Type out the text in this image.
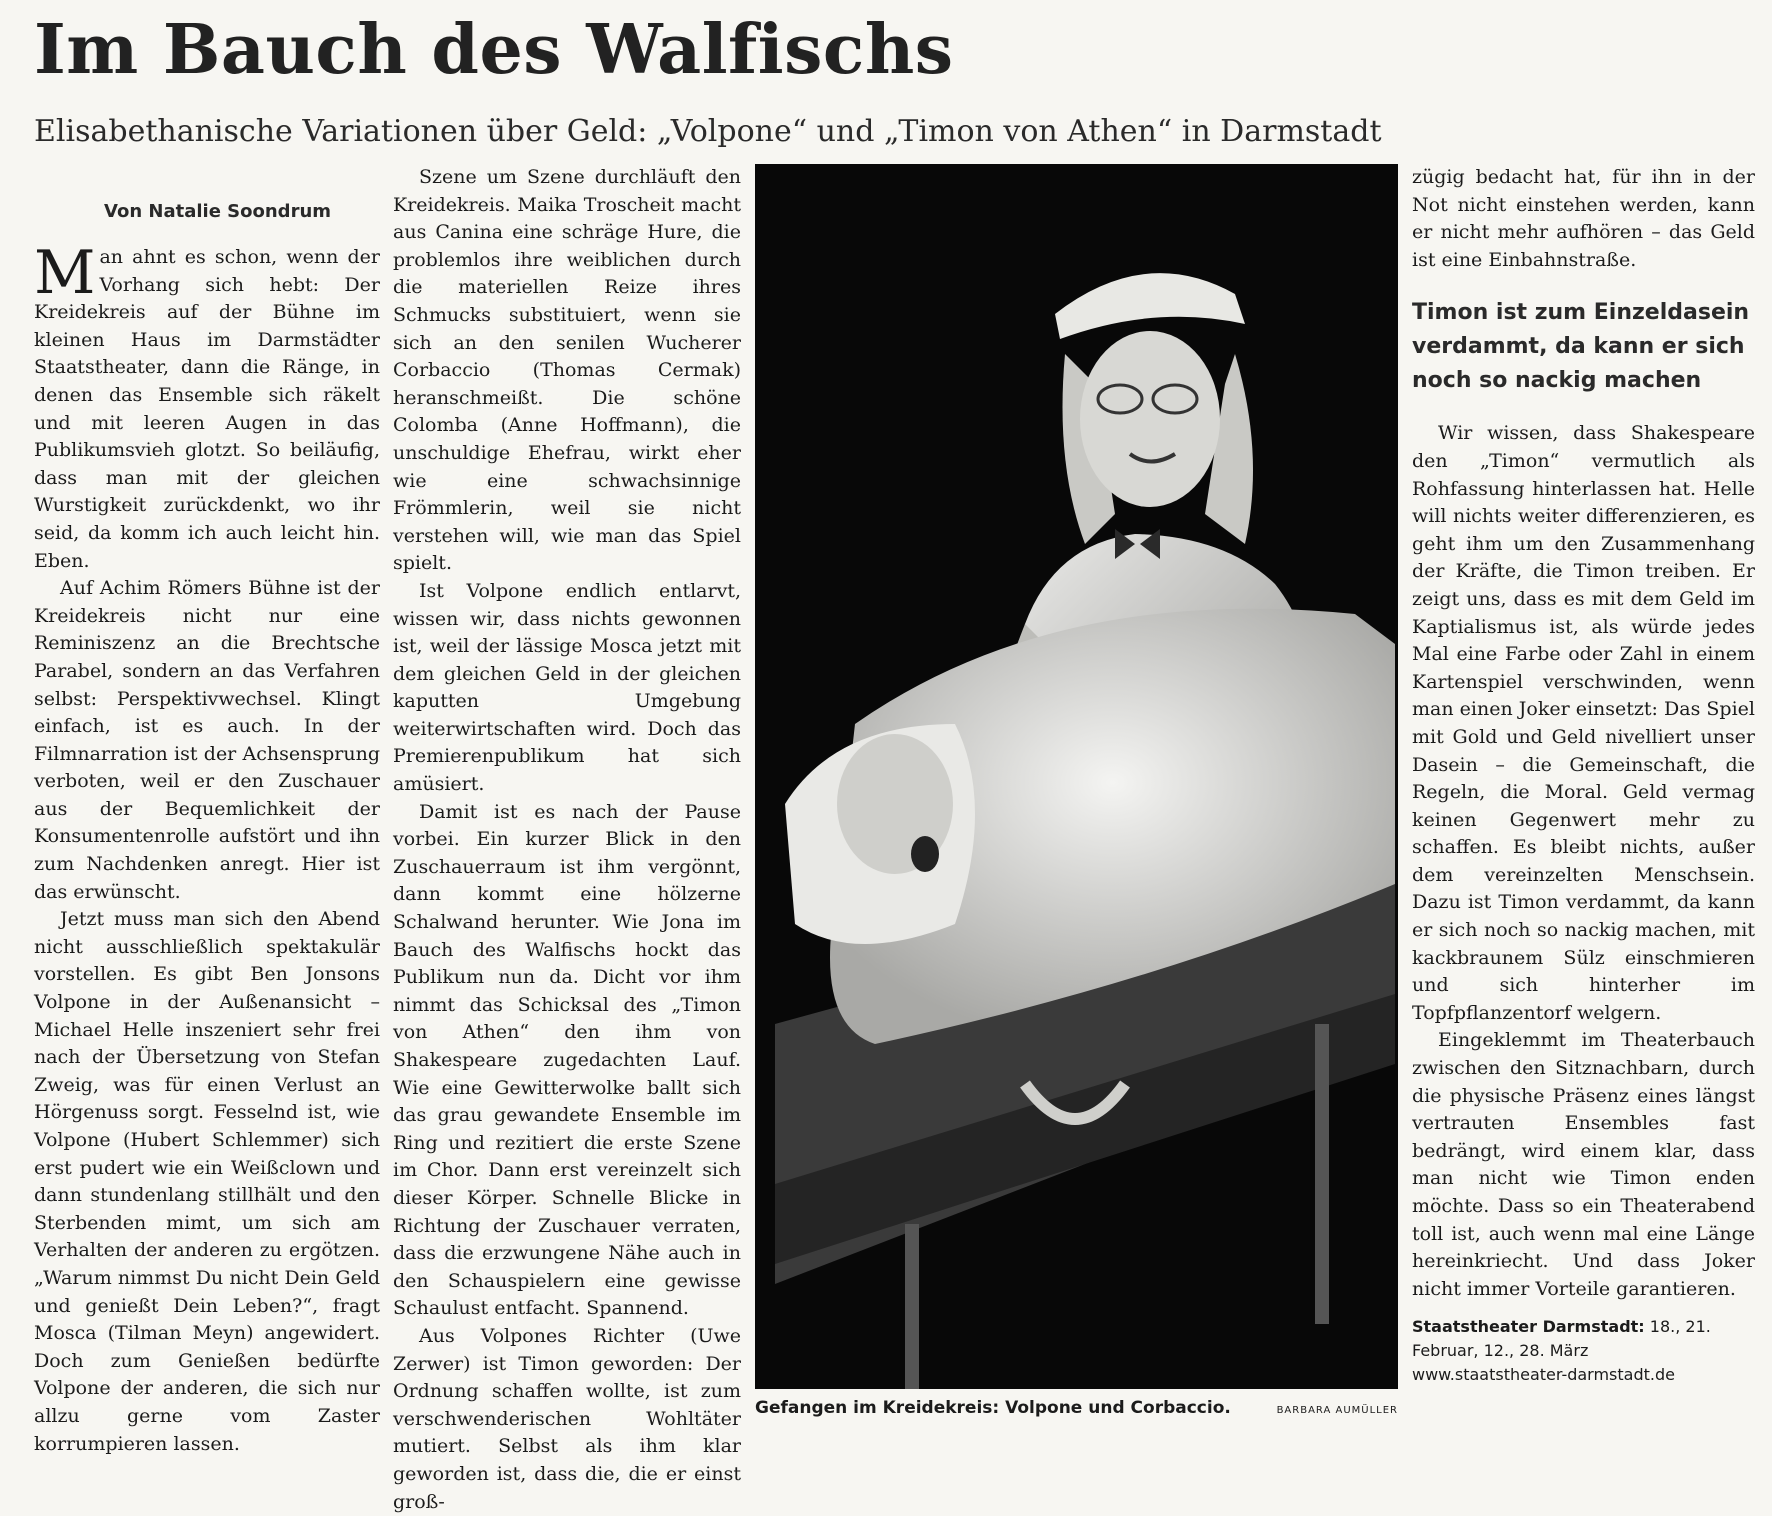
Im Bauch des Walfischs
Elisabethanische Variationen über Geld: „Volpone“ und „Timon von Athen“ in Darmstadt
Von Natalie Soondrum

Man ahnt es schon, wenn der Vorhang sich hebt: Der Kreidekreis auf der Bühne im kleinen Haus im Darmstädter Staatstheater, dann die Ränge, in denen das Ensemble sich räkelt und mit leeren Augen in das Publikumsvieh glotzt. So beiläufig, dass man mit der gleichen Wurstigkeit zurückdenkt, wo ihr seid, da komm ich auch leicht hin. Eben.

Auf Achim Römers Bühne ist der Kreidekreis nicht nur eine Reminiszenz an die Brechtsche Parabel, sondern an das Verfahren selbst: Perspektivwechsel. Klingt einfach, ist es auch. In der Filmnarration ist der Achsensprung verboten, weil er den Zuschauer aus der Bequemlichkeit der Konsumentenrolle aufstört und ihn zum Nachdenken anregt. Hier ist das erwünscht.

Jetzt muss man sich den Abend nicht ausschließlich spektakulär vorstellen. Es gibt Ben Jonsons Volpone in der Außenansicht – Michael Helle inszeniert sehr frei nach der Übersetzung von Stefan Zweig, was für einen Verlust an Hörgenuss sorgt. Fesselnd ist, wie Volpone (Hubert Schlemmer) sich erst pudert wie ein Weißclown und dann stundenlang stillhält und den Sterbenden mimt, um sich am Verhalten der anderen zu ergötzen. „Warum nimmst Du nicht Dein Geld und genießt Dein Leben?“, fragt Mosca (Tilman Meyn) angewidert. Doch zum Genießen bedürfte Volpone der anderen, die sich nur allzu gerne vom Zaster korrumpieren lassen.

Szene um Szene durchläuft den Kreidekreis. Maika Troscheit macht aus Canina eine schräge Hure, die problemlos ihre weiblichen durch die materiellen Reize ihres Schmucks substituiert, wenn sie sich an den senilen Wucherer Corbaccio (Thomas Cermak) heranschmeißt. Die schöne Colomba (Anne Hoffmann), die unschuldige Ehefrau, wirkt eher wie eine schwachsinnige Frömmlerin, weil sie nicht verstehen will, wie man das Spiel spielt.

Ist Volpone endlich entlarvt, wissen wir, dass nichts gewonnen ist, weil der lässige Mosca jetzt mit dem gleichen Geld in der gleichen kaputten Umgebung weiterwirtschaften wird. Doch das Premierenpublikum hat sich amüsiert.

Damit ist es nach der Pause vorbei. Ein kurzer Blick in den Zuschauerraum ist ihm vergönnt, dann kommt eine hölzerne Schalwand herunter. Wie Jona im Bauch des Walfischs hockt das Publikum nun da. Dicht vor ihm nimmt das Schicksal des „Timon von Athen“ den ihm von Shakespeare zugedachten Lauf. Wie eine Gewitterwolke ballt sich das grau gewandete Ensemble im Ring und rezitiert die erste Szene im Chor. Dann erst vereinzelt sich dieser Körper. Schnelle Blicke in Richtung der Zuschauer verraten, dass die erzwungene Nähe auch in den Schauspielern eine gewisse Schaulust entfacht. Spannend.

Aus Volpones Richter (Uwe Zerwer) ist Timon geworden: Der Ordnung schaffen wollte, ist zum verschwenderischen Wohltäter mutiert. Selbst als ihm klar geworden ist, dass die, die er einst groß-

Gefangen im Kreidekreis: Volpone und Corbaccio.	BARBARA AUMÜLLER

zügig bedacht hat, für ihn in der Not nicht einstehen werden, kann er nicht mehr aufhören – das Geld ist eine Einbahnstraße.

Timon ist zum Einzeldasein verdammt, da kann er sich noch so nackig machen

Wir wissen, dass Shakespeare den „Timon“ vermutlich als Rohfassung hinterlassen hat. Helle will nichts weiter differenzieren, es geht ihm um den Zusammenhang der Kräfte, die Timon treiben. Er zeigt uns, dass es mit dem Geld im Kaptialismus ist, als würde jedes Mal eine Farbe oder Zahl in einem Kartenspiel verschwinden, wenn man einen Joker einsetzt: Das Spiel mit Gold und Geld nivelliert unser Dasein – die Gemeinschaft, die Regeln, die Moral. Geld vermag keinen Gegenwert mehr zu schaffen. Es bleibt nichts, außer dem vereinzelten Menschsein. Dazu ist Timon verdammt, da kann er sich noch so nackig machen, mit kackbraunem Sülz einschmieren und sich hinterher im Topfpflanzentorf welgern.

Eingeklemmt im Theaterbauch zwischen den Sitznachbarn, durch die physische Präsenz eines längst vertrauten Ensembles fast bedrängt, wird einem klar, dass man nicht wie Timon enden möchte. Dass so ein Theaterabend toll ist, auch wenn mal eine Länge hereinkriecht. Und dass Joker nicht immer Vorteile garantieren.

Staatstheater Darmstadt: 18., 21. Februar, 12., 28. März
www.staatstheater-darmstadt.de
